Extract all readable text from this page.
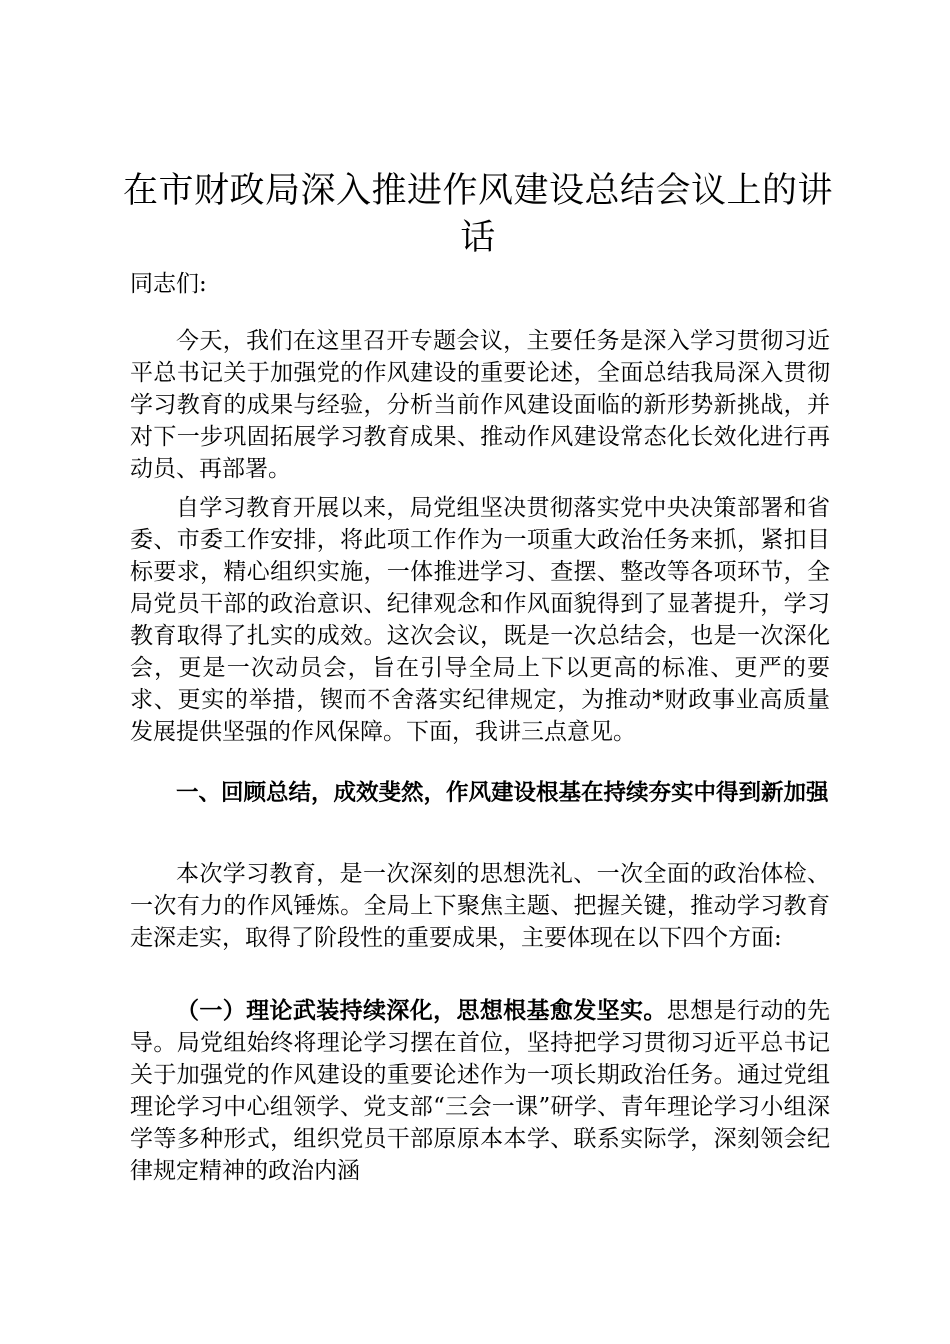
在市财政局深入推进作风建设总结会议上的讲话

同志们:

今天，我们在这里召开专题会议，主要任务是深入学习贯彻习近平总书记关于加强党的作风建设的重要论述，全面总结我局深入贯彻学习教育的成果与经验，分析当前作风建设面临的新形势新挑战，并对下一步巩固拓展学习教育成果、推动作风建设常态化长效化进行再动员、再部署。

自学习教育开展以来，局党组坚决贯彻落实党中央决策部署和省委、市委工作安排，将此项工作作为一项重大政治任务来抓，紧扣目标要求，精心组织实施，一体推进学习、查摆、整改等各项环节，全局党员干部的政治意识、纪律观念和作风面貌得到了显著提升，学习教育取得了扎实的成效。这次会议，既是一次总结会，也是一次深化会，更是一次动员会，旨在引导全局上下以更高的标准、更严的要求、更实的举措，锲而不舍落实纪律规定，为推动*财政事业高质量发展提供坚强的作风保障。下面，我讲三点意见。

一、回顾总结，成效斐然，作风建设根基在持续夯实中得到新加强

本次学习教育，是一次深刻的思想洗礼、一次全面的政治体检、一次有力的作风锤炼。全局上下聚焦主题、把握关键，推动学习教育走深走实，取得了阶段性的重要成果，主要体现在以下四个方面:

（一）理论武装持续深化，思想根基愈发坚实。思想是行动的先导。局党组始终将理论学习摆在首位，坚持把学习贯彻习近平总书记关于加强党的作风建设的重要论述作为一项长期政治任务。通过党组理论学习中心组领学、党支部“三会一课”研学、青年理论学习小组深学等多种形式，组织党员干部原原本本学、联系实际学，深刻领会纪律规定精神的政治内涵
